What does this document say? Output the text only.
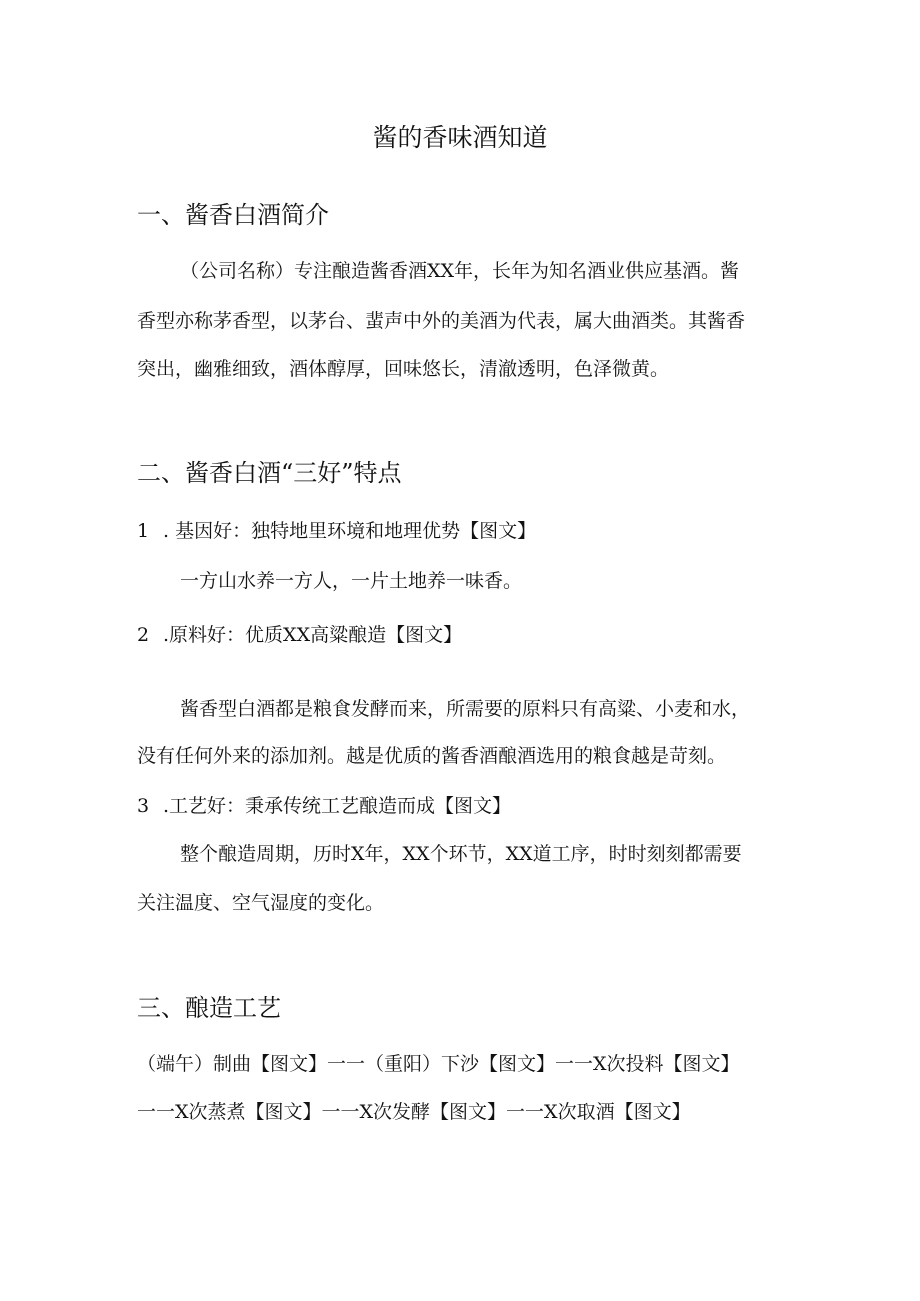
酱的香味酒知道
一、酱香白酒简介
（公司名称）专注酿造酱香酒XX年，长年为知名酒业供应基酒。酱
香型亦称茅香型，以茅台、蜚声中外的美酒为代表，属大曲酒类。其酱香
突出，幽雅细致，酒体醇厚，回味悠长，清澈透明，色泽微黄。
二、酱香白酒“三好”特点
1 . 基因好：独特地里环境和地理优势【图文】
一方山水养一方人，一片土地养一味香。
2 .原料好：优质XX高粱酿造【图文】
酱香型白酒都是粮食发酵而来，所需要的原料只有高粱、小麦和水，
没有任何外来的添加剂。越是优质的酱香酒酿酒选用的粮食越是苛刻。
3 .工艺好：秉承传统工艺酿造而成【图文】
整个酿造周期，历时X年，XX个环节，XX道工序，时时刻刻都需要
关注温度、空气湿度的变化。
三、酿造工艺
（端午）制曲【图文】一一（重阳）下沙【图文】一一X次投料【图文】
一一X次蒸煮【图文】一一X次发酵【图文】一一X次取酒【图文】
